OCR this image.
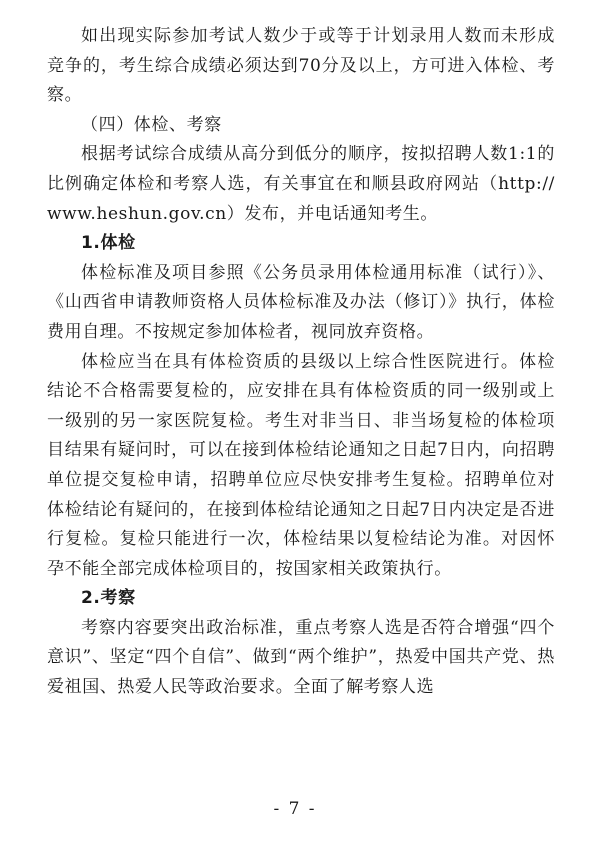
如出现实际参加考试人数少于或等于计划录用人数而未形成竞争的，考生综合成绩必须达到70分及以上，方可进入体检、考察。

（四）体检、考察

根据考试综合成绩从高分到低分的顺序，按拟招聘人数1:1的比例确定体检和考察人选，有关事宜在和顺县政府网站（http://www.heshun.gov.cn）发布，并电话通知考生。

1.体检

体检标准及项目参照《公务员录用体检通用标准（试行）》、《山西省申请教师资格人员体检标准及办法（修订）》执行，体检费用自理。不按规定参加体检者，视同放弃资格。

体检应当在具有体检资质的县级以上综合性医院进行。体检结论不合格需要复检的，应安排在具有体检资质的同一级别或上一级别的另一家医院复检。考生对非当日、非当场复检的体检项目结果有疑问时，可以在接到体检结论通知之日起7日内，向招聘单位提交复检申请，招聘单位应尽快安排考生复检。招聘单位对体检结论有疑问的，在接到体检结论通知之日起7日内决定是否进行复检。复检只能进行一次，体检结果以复检结论为准。对因怀孕不能全部完成体检项目的，按国家相关政策执行。

2.考察

考察内容要突出政治标准，重点考察人选是否符合增强“四个意识”、坚定“四个自信”、做到“两个维护”，热爱中国共产党、热爱祖国、热爱人民等政治要求。全面了解考察人选

- 7 -
